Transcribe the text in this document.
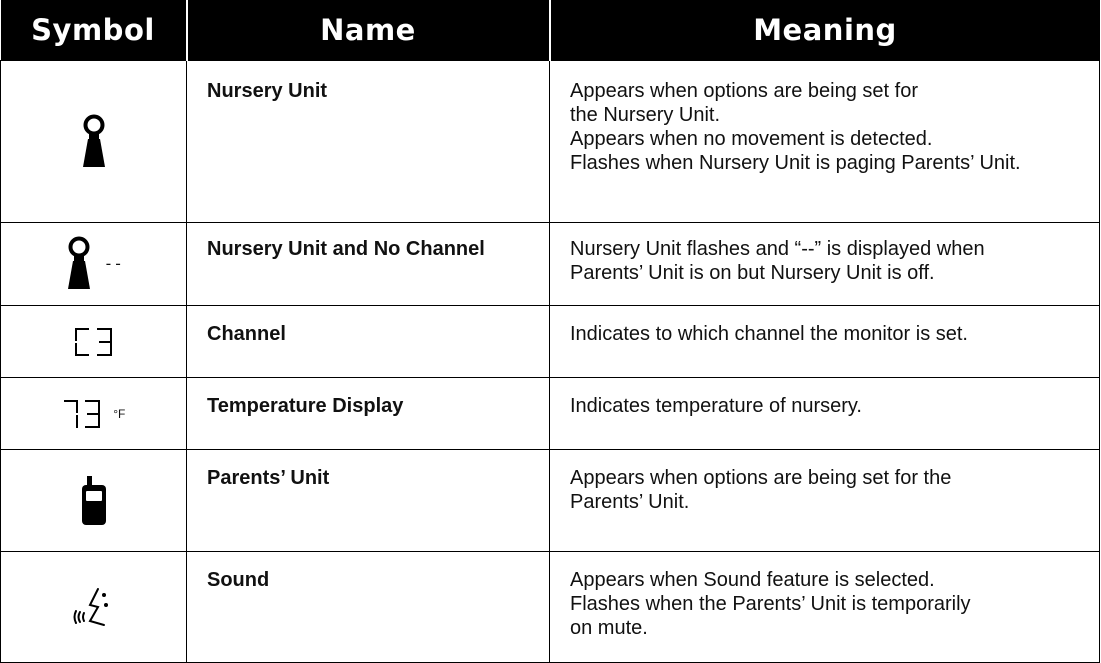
Symbol	Name	Meaning
	Nursery Unit	Appears when options are being set for
the Nursery Unit.
Appears when no movement is detected.
Flashes when Nursery Unit is paging Parents’ Unit.

--	Nursery Unit and No Channel	Nursery Unit flashes and “--” is displayed when
Parents’ Unit is on but Nursery Unit is off.

	Channel	Indicates to which channel the monitor is set.

°F	Temperature Display	Indicates temperature of nursery.

	Parents’ Unit	Appears when options are being set for the
Parents’ Unit.

	Sound	Appears when Sound feature is selected.
Flashes when the Parents’ Unit is temporarily
on mute.
